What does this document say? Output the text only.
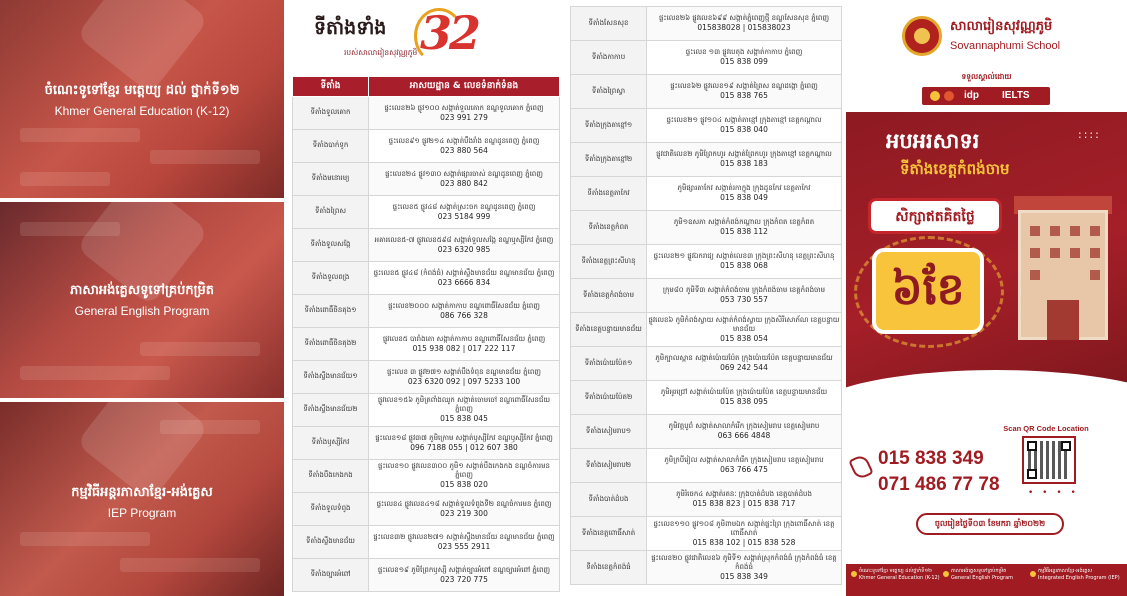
ចំណេះទូទៅខ្មែរ មត្តេយ្យ ដល់ ថ្នាក់ទី១២
Khmer General Education (K-12)
ភាសាអង់គ្លេសទូទៅគ្រប់កម្រិត
General English Program
កម្មវិធីអន្តរភាសាខ្មែរ-អង់គ្លេស
IEP Program
ទីតាំងទាំង 32
របស់សាលារៀនសុវណ្ណភូមិ
ទីតាំង	អាសយដ្ឋាន & លេខទំនាក់ទំនង
ទីតាំងទួលគោក	ផ្ទះលេខ២៦ ផ្លូវ១០០ សង្កាត់ទួលគោក ខណ្ឌទួលគោក ភ្នំពេញ
023 991 279

ទីតាំងបាក់ទូក	ផ្ទះលេខ៩១ ផ្លូវ២១៤ សង្កាត់បឹងរាំង ខណ្ឌដូនពេញ ភ្នំពេញ
023 880 564

ទីតាំងមនោរម្យ	ផ្ទះលេខ២៤ ផ្លូវ១៣០ សង្កាត់ផ្សារចាស់ ខណ្ឌដូនពេញ ភ្នំពេញ
023 880 842

ទីតាំងព្រៃស	ផ្ទះលេខ៥ ផ្លូវ៤៨ សង្កាត់ស្រះចក ខណ្ឌដូនពេញ ភ្នំពេញ
023 5184 999

ទីតាំងទួលសង្កែ	អគារលេខ៥-៧ ផ្លូវលេខ៥៩៨ សង្កាត់ទួលសង្កែ ខណ្ឌឬស្សីកែវ ភ្នំពេញ
023 6320 985

ទីតាំងទួលពង្រ	ផ្ទះលេខ៥ ផ្លូវ៤៨ (កំពង់ធំ) សង្កាត់ស្ទឹងមានជ័យ ខណ្ឌមានជ័យ ភ្នំពេញ
023 6666 834

ទីតាំងពោធិ៍ចិនតុង១	ផ្ទះលេខ២០០០ សង្កាត់កាកាប ខណ្ឌពោធិ៍សែនជ័យ ភ្នំពេញ
086 766 328

ទីតាំងពោធិ៍ចិនតុង២	ផ្លូវលេខ៥ បារាំងតោ សង្កាត់កាកាប ខណ្ឌពោធិ៍សែនជ័យ ភ្នំពេញ
015 938 082 | 017 222 117

ទីតាំងស្ទឹងមានជ័យ១	ផ្ទះលេខ ៣ ផ្លូវ២៧១ សង្កាត់បឹងទំពុន ខណ្ឌមានជ័យ ភ្នំពេញ
023 6320 092 | 097 5233 100

ទីតាំងស្ទឹងមានជ័យ២	ផ្លូវលេខ១៥៦ ភូមិត្រពាំងឈូក សង្កាត់ចោមចៅ ខណ្ឌពោធិ៍សែនជ័យ ភ្នំពេញ
015 838 045

ទីតាំងឫស្សីកែវ	ផ្ទះលេខ១៨ ផ្លូវ៣៧ ភូមិក្រោម សង្កាត់ឫស្សីកែវ ខណ្ឌឫស្សីកែវ ភ្នំពេញ
096 7188 055 | 012 607 380

ទីតាំងបឹងកេងកង	ផ្ទះលេខ១០ ផ្លូវលេខ៣០០ ភូមិ១ សង្កាត់បឹងកេងកង ខណ្ឌចំការមន ភ្នំពេញ
015 838 020

ទីតាំងទួលទំពូង	ផ្ទះលេខ៤ ផ្លូវលេខ៤១៨ សង្កាត់ទួលទំពូងទី២ ខណ្ឌចំការមន ភ្នំពេញ
023 219 300

ទីតាំងស្ទឹងមានជ័យ	ផ្ទះលេខ៣២ ផ្លូវលេខ២៧១ សង្កាត់ស្ទឹងមានជ័យ ខណ្ឌមានជ័យ ភ្នំពេញ
023 555 2911

ទីតាំងច្បារអំពៅ	ផ្ទះលេខ១៩ ភូមិព្រែកឫស្សី សង្កាត់ច្បារអំពៅ ខណ្ឌច្បារអំពៅ ភ្នំពេញ
023 720 775
ទីតាំងសែនសុខ	ផ្ទះលេខ២៦ ផ្លូវលេខ៦៩៩ សង្កាត់ភ្នំពេញថ្មី ខណ្ឌសែនសុខ ភ្នំពេញ
015838028 | 015838023

ទីតាំងកាកាប	ផ្ទះលេខ ១៣ ផ្លូវបេតុង សង្កាត់កាកាប ភ្នំពេញ
015 838 099

ទីតាំងព្រៃស្វា	ផ្ទះលេខ៦២ ផ្លូវលេខ១៩ សង្កាត់ព្រៃស ខណ្ឌដង្កោ ភ្នំពេញ
015 838 765

ទីតាំងក្រុងតាខ្មៅ១	ផ្ទះលេខ២១ ផ្លូវ១០៤ សង្កាត់តាខ្មៅ ក្រុងតាខ្មៅ ខេត្តកណ្ដាល
015 838 040

ទីតាំងក្រុងតាខ្មៅ២	ផ្លូវជាតិលេខ២ ភូមិព្រែកហូរ សង្កាត់ព្រែកហូរ ក្រុងតាខ្មៅ ខេត្តកណ្ដាល
015 838 183

ទីតាំងខេត្តតាកែវ	ភូមិផ្សារតាកែវ សង្កាត់រកាក្នុង ក្រុងដូនកែវ ខេត្តតាកែវ
015 838 049

ទីតាំងខេត្តកំពត	ភូមិ១ឧសភា សង្កាត់កំពង់កណ្ដាល ក្រុងកំពត ខេត្តកំពត
015 838 112

ទីតាំងខេត្តព្រះសីហនុ	ផ្ទះលេខ២១ ផ្លូវឯករាជ្យ សង្កាត់លេខ៣ ក្រុងព្រះសីហនុ ខេត្តព្រះសីហនុ
015 838 068

ទីតាំងខេត្តកំពង់ចាម	ក្រុម៨០ ភូមិទី៣ សង្កាត់កំពង់ចាម ក្រុងកំពង់ចាម ខេត្តកំពង់ចាម
053 730 557

ទីតាំងខេត្តបន្ទាយមានជ័យ	ផ្លូវលេខ៦ ភូមិកំពង់ស្វាយ សង្កាត់កំពង់ស្វាយ ក្រុងសិរីសោភ័ណ ខេត្តបន្ទាយមានជ័យ
015 838 054

ទីតាំងប៉ោយប៉ែត១	ភូមិក្បាលស្ពាន សង្កាត់ប៉ោយប៉ែត ក្រុងប៉ោយប៉ែត ខេត្តបន្ទាយមានជ័យ
069 242 544

ទីតាំងប៉ោយប៉ែត២	ភូមិអូរជ្រៅ សង្កាត់ប៉ោយប៉ែត ក្រុងប៉ោយប៉ែត ខេត្តបន្ទាយមានជ័យ
015 838 095

ទីតាំងសៀមរាប១	ភូមិវត្តបូព៌ សង្កាត់សាលាកំរើក ក្រុងសៀមរាប ខេត្តសៀមរាប
063 666 4848

ទីតាំងសៀមរាប២	ភូមិក្របីរៀល សង្កាត់សាលាកំរើក ក្រុងសៀមរាប ខេត្តសៀមរាប
063 766 475

ទីតាំងបាត់ដំបង	ភូមិរំចេក៤ សង្កាត់រតនៈ ក្រុងបាត់ដំបង ខេត្តបាត់ដំបង
015 838 823 | 015 838 717

ទីតាំងខេត្តពោធិ៍សាត់	ផ្ទះលេខ១១០ ផ្លូវ១០៨ ភូមិពាមឯក សង្កាត់ផ្ទះព្រៃ ក្រុងពោធិ៍សាត់ ខេត្តពោធិ៍សាត់
015 838 102 | 015 838 528

ទីតាំងខេត្តកំពង់ធំ	ផ្ទះលេខ២០ ផ្លូវជាតិលេខ៦ ភូមិទី១ សង្កាត់ស្រុកកំពង់ធំ ក្រុងកំពង់ធំ ខេត្តកំពង់ធំ
015 838 349
សាលារៀនសុវណ្ណភូមិ
Sovannaphumi School
ទទួលស្គាល់ដោយ
idp IELTS
អបអរសាទរ	::::
ទីតាំងខេត្តកំពង់ចាម
សិក្សាឥតគិតថ្លៃ
៦ខែ
Scan QR Code Location
• • • •
015 838 349
071 486 77 78
ចូលរៀនថ្ងៃទី០៣ ខែមករា ឆ្នាំ២០២២
ចំណេះទូទៅខ្មែរ មត្តេយ្យ ដល់ថ្នាក់ទី១២
Khmer General Education (K-12)
ភាសាអង់គ្លេសទូទៅគ្រប់កម្រិត
General English Program
កម្មវិធីអន្តរភាសាខ្មែរ-អង់គ្លេស
Integrated English Program (IEP)
